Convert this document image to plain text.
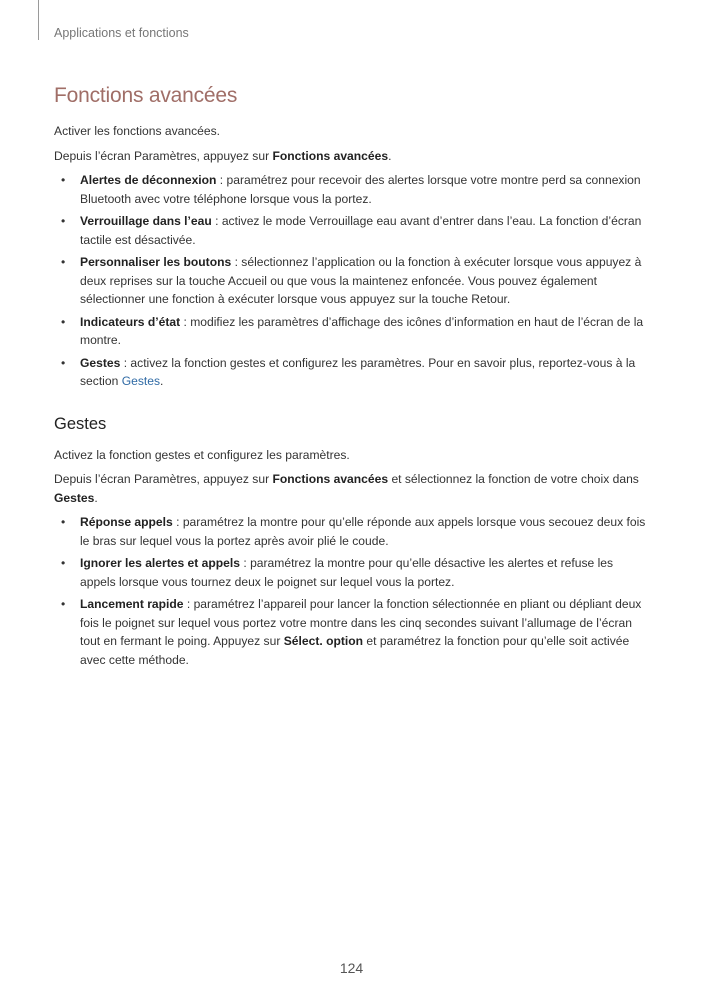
Applications et fonctions
Fonctions avancées

Activer les fonctions avancées.

Depuis l’écran Paramètres, appuyez sur Fonctions avancées.

• Alertes de déconnexion : paramétrez pour recevoir des alertes lorsque votre montre perd sa connexion Bluetooth avec votre téléphone lorsque vous la portez.
• Verrouillage dans l’eau : activez le mode Verrouillage eau avant d’entrer dans l’eau. La fonction d’écran tactile est désactivée.
• Personnaliser les boutons : sélectionnez l’application ou la fonction à exécuter lorsque vous appuyez à deux reprises sur la touche Accueil ou que vous la maintenez enfoncée. Vous pouvez également sélectionner une fonction à exécuter lorsque vous appuyez sur la touche Retour.
• Indicateurs d’état : modifiez les paramètres d’affichage des icônes d’information en haut de l’écran de la montre.
• Gestes : activez la fonction gestes et configurez les paramètres. Pour en savoir plus, reportez-vous à la section Gestes.
Gestes

Activez la fonction gestes et configurez les paramètres.

Depuis l’écran Paramètres, appuyez sur Fonctions avancées et sélectionnez la fonction de votre choix dans Gestes.

• Réponse appels : paramétrez la montre pour qu’elle réponde aux appels lorsque vous secouez deux fois le bras sur lequel vous la portez après avoir plié le coude.
• Ignorer les alertes et appels : paramétrez la montre pour qu’elle désactive les alertes et refuse les appels lorsque vous tournez deux le poignet sur lequel vous la portez.
• Lancement rapide : paramétrez l’appareil pour lancer la fonction sélectionnée en pliant ou dépliant deux fois le poignet sur lequel vous portez votre montre dans les cinq secondes suivant l’allumage de l’écran tout en fermant le poing. Appuyez sur Sélect. option et paramétrez la fonction pour qu’elle soit activée avec cette méthode.
124
